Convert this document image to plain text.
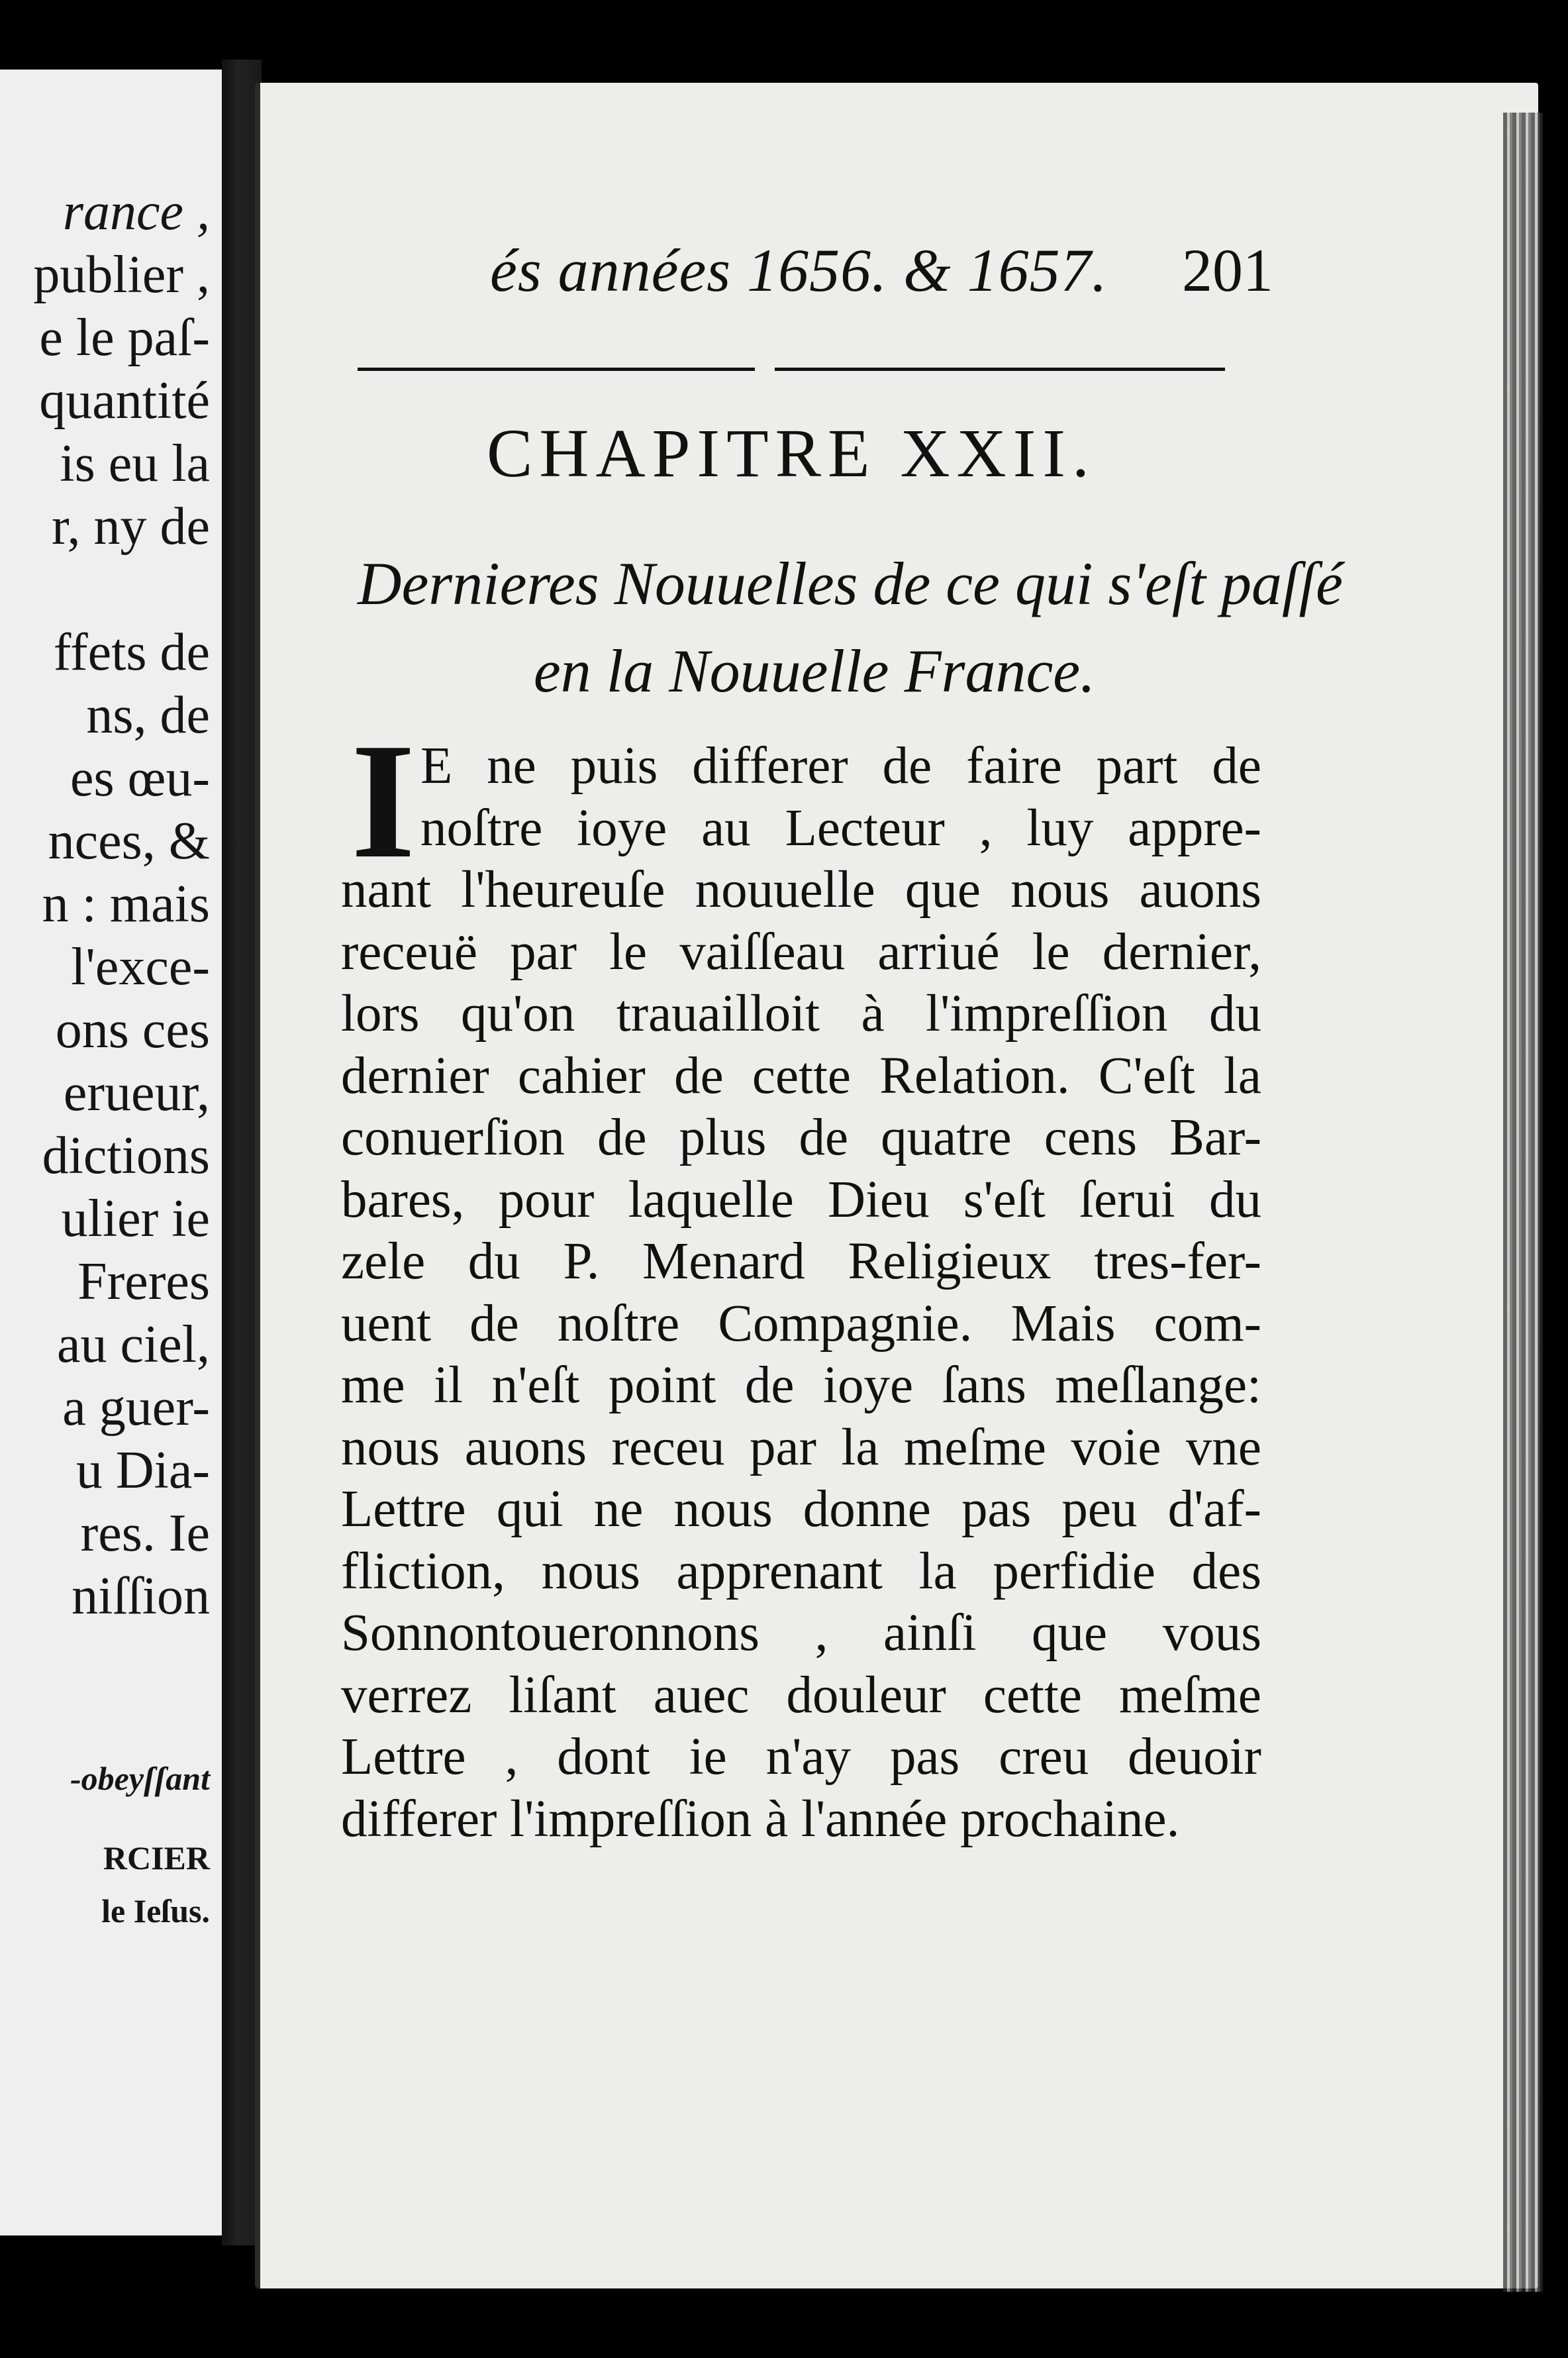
rance ,
publier ,
e le paſ-
quantité
is eu la
r, ny de
ffets de
ns, de
es œu-
nces, &
n : mais
l'exce-
ons ces
erueur,
dictions
ulier ie
Freres
au ciel,
a guer-
u Dia-
res. Ie
niſſion
-obeyſſant
RCIER
le Ieſus.
és années 1656. & 1657. 201
CHAPITRE XXII.
Dernieres Nouuelles de ce qui s'eſt paſſé
en la Nouuelle France.
I E ne puis differer de faire part de
noſtre ioye au Lecteur , luy appre-
nant l'heureuſe nouuelle que nous auons
receuë par le vaiſſeau arriué le dernier,
lors qu'on trauailloit à l'impreſſion du
dernier cahier de cette Relation. C'eſt la
conuerſion de plus de quatre cens Bar-
bares, pour laquelle Dieu s'eſt ſerui du
zele du P. Menard Religieux tres-fer-
uent de noſtre Compagnie. Mais com-
me il n'eſt point de ioye ſans meſlange:
nous auons receu par la meſme voie vne
Lettre qui ne nous donne pas peu d'af-
fliction, nous apprenant la perfidie des
Sonnontoueronnons , ainſi que vous
verrez liſant auec douleur cette meſme
Lettre , dont ie n'ay pas creu deuoir
differer l'impreſſion à l'année prochaine.
